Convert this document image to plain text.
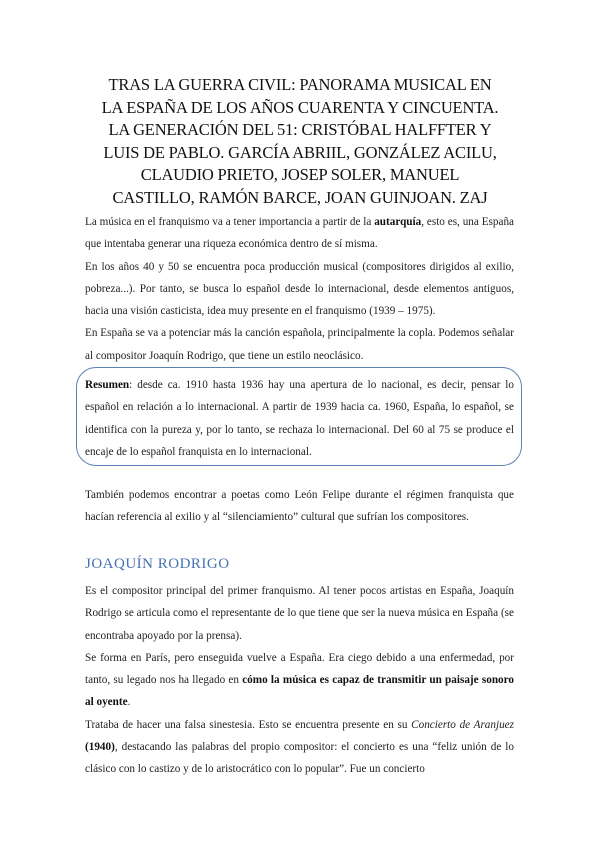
TRAS LA GUERRA CIVIL: PANORAMA MUSICAL EN
LA ESPAÑA DE LOS AÑOS CUARENTA Y CINCUENTA.
LA GENERACIÓN DEL 51: CRISTÓBAL HALFFTER Y
LUIS DE PABLO. GARCÍA ABRIIL, GONZÁLEZ ACILU,
CLAUDIO PRIETO, JOSEP SOLER, MANUEL
CASTILLO, RAMÓN BARCE, JOAN GUINJOAN. ZAJ

La música en el franquismo va a tener importancia a partir de la autarquía, esto es, una España que intentaba generar una riqueza económica dentro de sí misma.

En los años 40 y 50 se encuentra poca producción musical (compositores dirigidos al exilio, pobreza...). Por tanto, se busca lo español desde lo internacional, desde elementos antiguos, hacia una visión casticista, idea muy presente en el franquismo (1939 – 1975).

En España se va a potenciar más la canción española, principalmente la copla. Podemos señalar al compositor Joaquín Rodrigo, que tiene un estilo neoclásico.

Resumen: desde ca. 1910 hasta 1936 hay una apertura de lo nacional, es decir, pensar lo español en relación a lo internacional. A partir de 1939 hacia ca. 1960, España, lo español, se identifica con la pureza y, por lo tanto, se rechaza lo internacional. Del 60 al 75 se produce el encaje de lo español franquista en lo internacional.

También podemos encontrar a poetas como León Felipe durante el régimen franquista que hacían referencia al exilio y al “silenciamiento” cultural que sufrían los compositores.

JOAQUÍN RODRIGO

Es el compositor principal del primer franquismo. Al tener pocos artistas en España, Joaquín Rodrigo se articula como el representante de lo que tiene que ser la nueva música en España (se encontraba apoyado por la prensa).

Se forma en París, pero enseguida vuelve a España. Era ciego debido a una enfermedad, por tanto, su legado nos ha llegado en cómo la música es capaz de transmitir un paisaje sonoro al oyente.

Trataba de hacer una falsa sinestesia. Esto se encuentra presente en su Concierto de Aranjuez (1940), destacando las palabras del propio compositor: el concierto es una “feliz unión de lo clásico con lo castizo y de lo aristocrático con lo popular”. Fue un concierto
